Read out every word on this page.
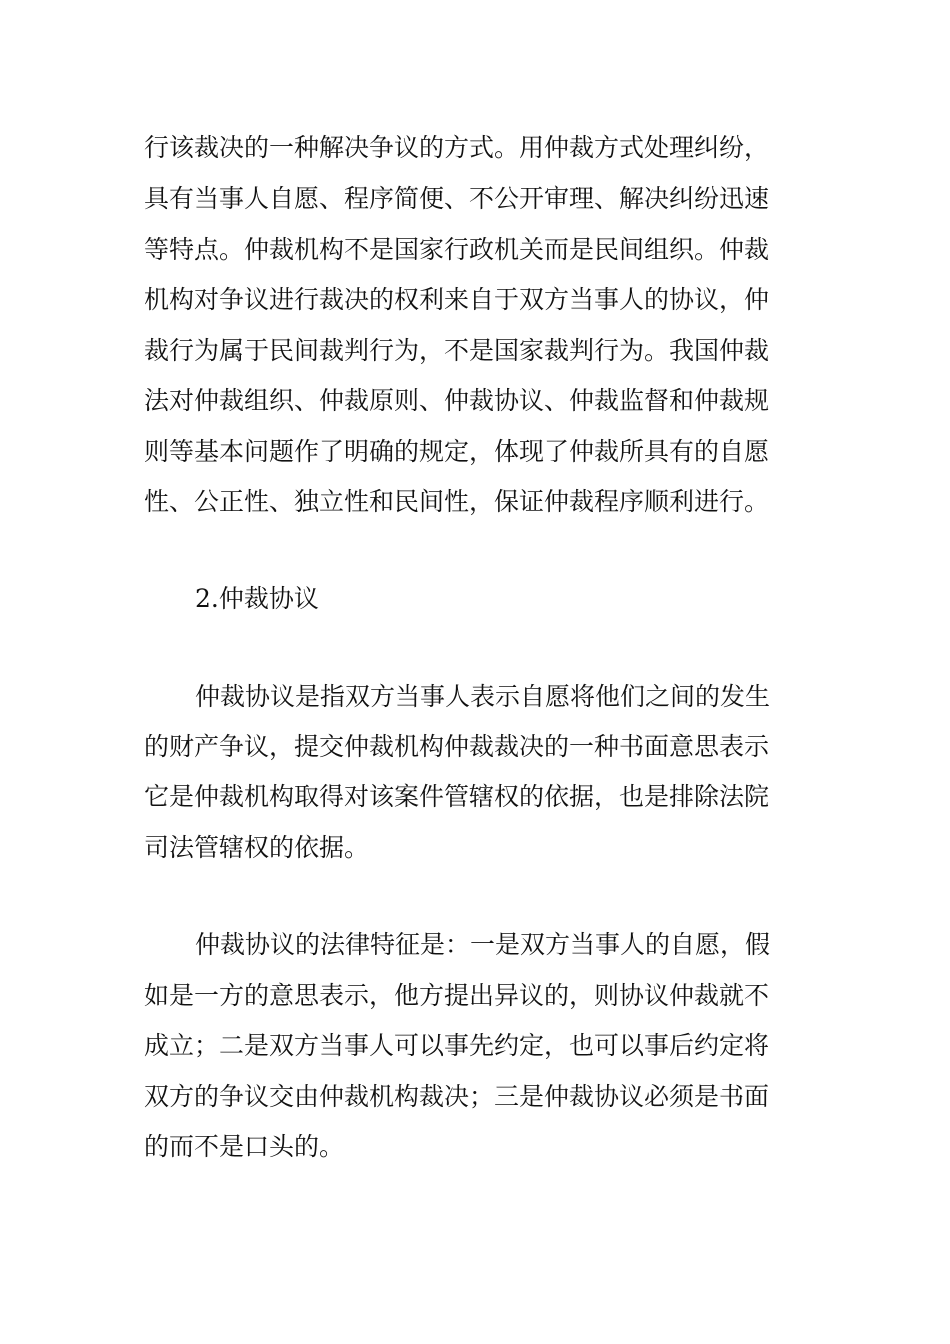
行该裁决的一种解决争议的方式。用仲裁方式处理纠纷，
具有当事人自愿、程序简便、不公开审理、解决纠纷迅速
等特点。仲裁机构不是国家行政机关而是民间组织。仲裁
机构对争议进行裁决的权利来自于双方当事人的协议，仲
裁行为属于民间裁判行为，不是国家裁判行为。我国仲裁
法对仲裁组织、仲裁原则、仲裁协议、仲裁监督和仲裁规
则等基本问题作了明确的规定，体现了仲裁所具有的自愿
性、公正性、独立性和民间性，保证仲裁程序顺利进行。
2.仲裁协议
仲裁协议是指双方当事人表示自愿将他们之间的发生
的财产争议，提交仲裁机构仲裁裁决的一种书面意思表示
它是仲裁机构取得对该案件管辖权的依据，也是排除法院
司法管辖权的依据。
仲裁协议的法律特征是：一是双方当事人的自愿，假
如是一方的意思表示，他方提出异议的，则协议仲裁就不
成立；二是双方当事人可以事先约定，也可以事后约定将
双方的争议交由仲裁机构裁决；三是仲裁协议必须是书面
的而不是口头的。
